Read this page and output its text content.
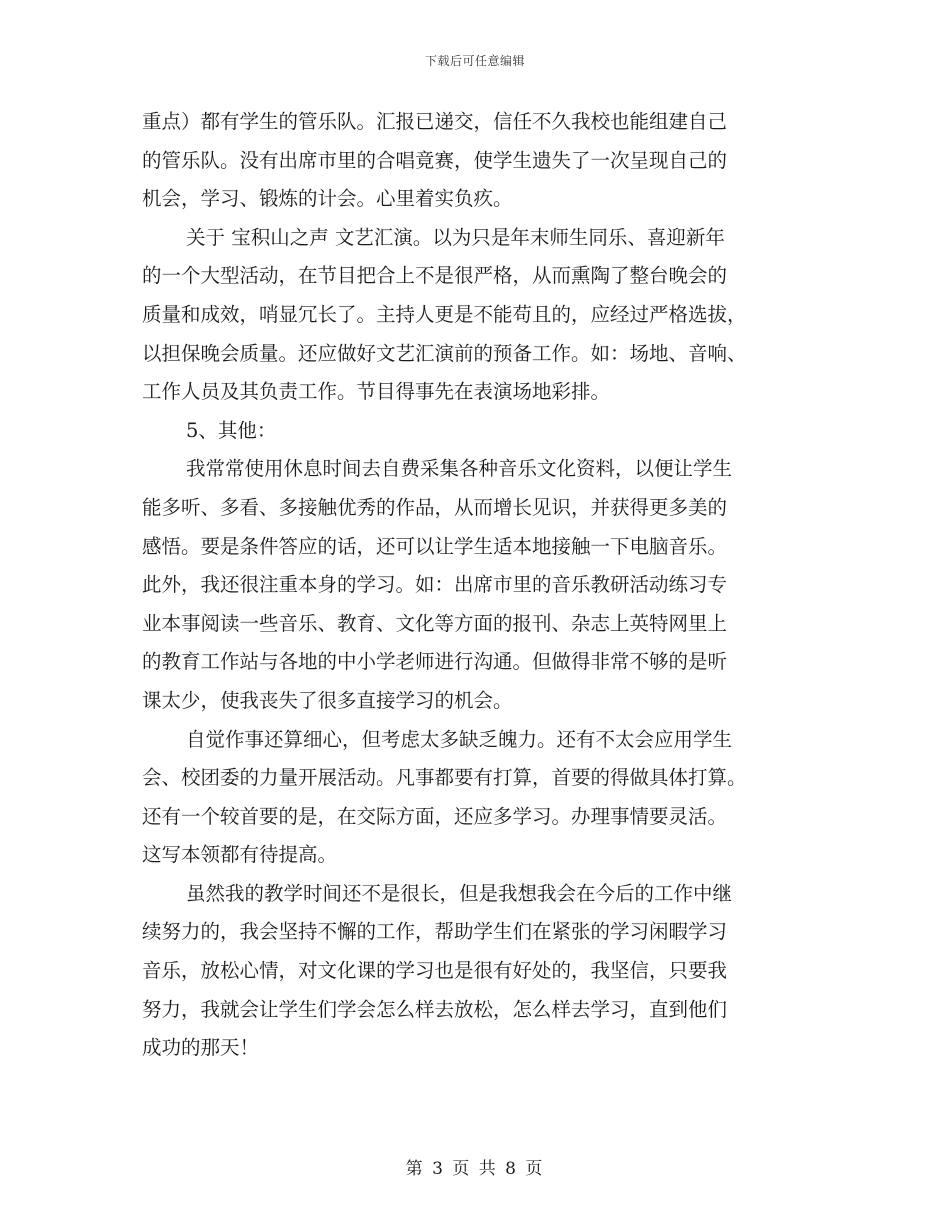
下载后可任意编辑
重点）都有学生的管乐队。汇报已递交，信任不久我校也能组建自己
的管乐队。没有出席市里的合唱竟赛，使学生遗失了一次呈现自己的
机会，学习、锻炼的计会。心里着实负疚。
关于 宝积山之声 文艺汇演。以为只是年末师生同乐、喜迎新年
的一个大型活动，在节目把合上不是很严格，从而熏陶了整台晚会的
质量和成效，哨显冗长了。主持人更是不能苟且的，应经过严格选拔，
以担保晚会质量。还应做好文艺汇演前的预备工作。如：场地、音响、
工作人员及其负责工作。节目得事先在表演场地彩排。
5、其他：
我常常使用休息时间去自费采集各种音乐文化资料，以便让学生
能多听、多看、多接触优秀的作品，从而增长见识，并获得更多美的
感悟。要是条件答应的话，还可以让学生适本地接触一下电脑音乐。
此外，我还很注重本身的学习。如：出席市里的音乐教研活动练习专
业本事阅读一些音乐、教育、文化等方面的报刊、杂志上英特网里上
的教育工作站与各地的中小学老师进行沟通。但做得非常不够的是听
课太少，使我丧失了很多直接学习的机会。
自觉作事还算细心，但考虑太多缺乏魄力。还有不太会应用学生
会、校团委的力量开展活动。凡事都要有打算，首要的得做具体打算。
还有一个较首要的是，在交际方面，还应多学习。办理事情要灵活。
这写本领都有待提高。
虽然我的教学时间还不是很长，但是我想我会在今后的工作中继
续努力的，我会坚持不懈的工作，帮助学生们在紧张的学习闲暇学习
音乐，放松心情，对文化课的学习也是很有好处的，我坚信，只要我
努力，我就会让学生们学会怎么样去放松，怎么样去学习，直到他们
成功的那天！
第 3 页 共 8 页
